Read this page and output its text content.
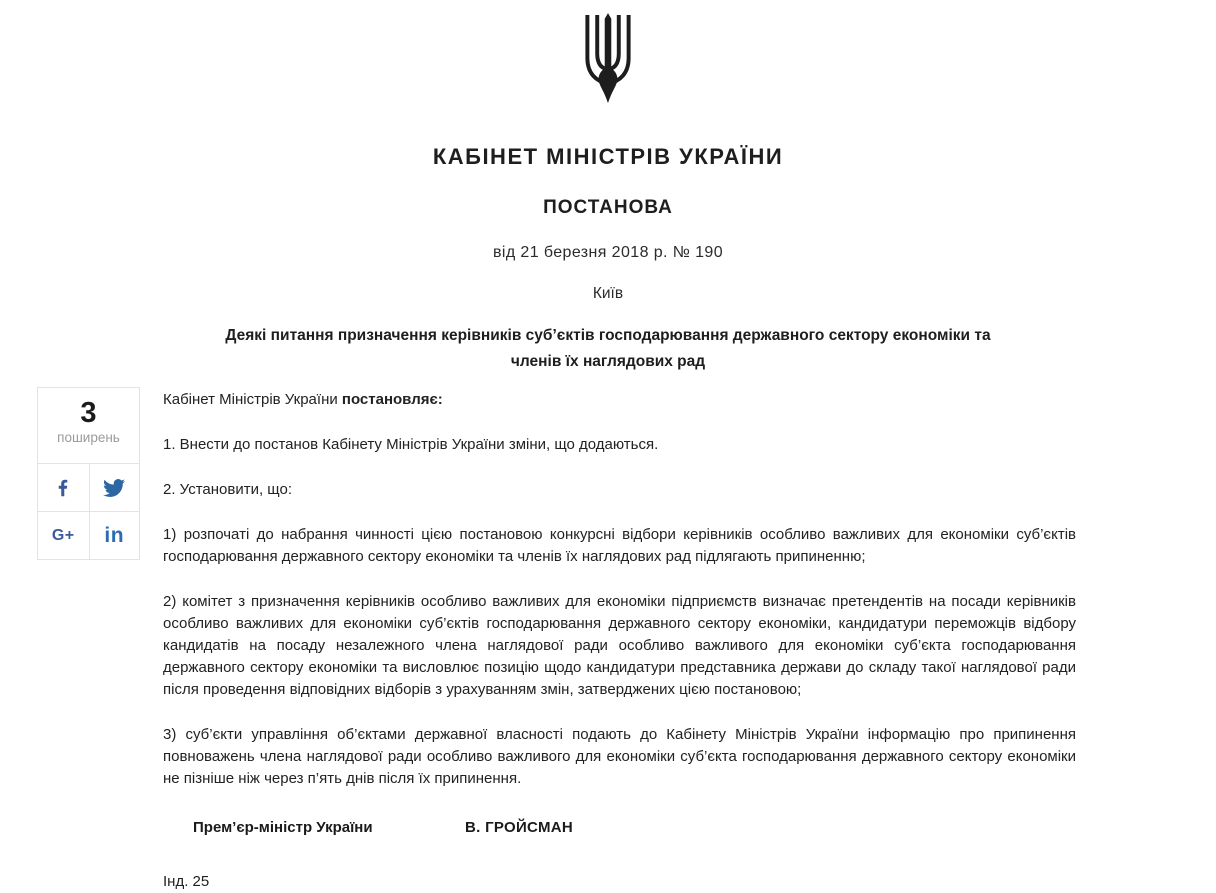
КАБІНЕТ МІНІСТРІВ УКРАЇНИ
ПОСТАНОВА
від 21 березня 2018 р. № 190
Київ
Деякі питання призначення керівників суб’єктів господарювання державного сектору економіки та членів їх наглядових рад
3
поширень
G+ in

Кабінет Міністрів України постановляє:

1. Внести до постанов Кабінету Міністрів України зміни, що додаються.

2. Установити, що:

1) розпочаті до набрання чинності цією постановою конкурсні відбори керівників особливо важливих для економіки суб’єктів господарювання державного сектору економіки та членів їх наглядових рад підлягають припиненню;

2) комітет з призначення керівників особливо важливих для економіки підприємств визначає претендентів на посади керівників особливо важливих для економіки суб’єктів господарювання державного сектору економіки, кандидатури переможців відбору кандидатів на посаду незалежного члена наглядової ради особливо важливого для економіки суб’єкта господарювання державного сектору економіки та висловлює позицію щодо кандидатури представника держави до складу такої наглядової ради після проведення відповідних відборів з урахуванням змін, затверджених цією постановою;

3) суб’єкти управління об’єктами державної власності подають до Кабінету Міністрів України інформацію про припинення повноважень члена наглядової ради особливо важливого для економіки суб’єкта господарювання державного сектору економіки не пізніше ніж через п’ять днів після їх припинення.

Прем’єр-міністр України	В. ГРОЙСМАН
Інд. 25
